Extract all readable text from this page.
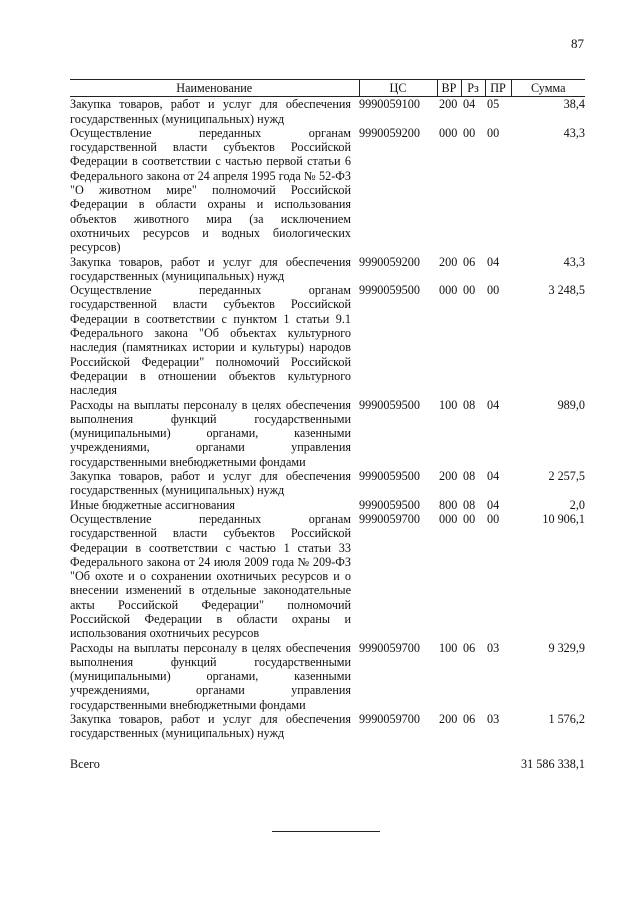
87
Наименование	ЦС	ВР	Рз	ПР	Сумма
Закупка товаров, работ и услуг для обеспечения государственных (муниципальных) нужд	9990059100	200	04	05	38,4
Осуществление переданных органам государственной власти субъектов Российской Федерации в соответствии с частью первой статьи 6 Федерального закона от 24 апреля 1995 года № 52-ФЗ "О животном мире" полномочий Российской Федерации в области охраны и использования объектов животного мира (за исключением охотничьих ресурсов и водных биологических ресурсов)	9990059200	000	00	00	43,3
Закупка товаров, работ и услуг для обеспечения государственных (муниципальных) нужд	9990059200	200	06	04	43,3
Осуществление переданных органам государственной власти субъектов Российской Федерации в соответствии с пунктом 1 статьи 9.1 Федерального закона "Об объектах культурного наследия (памятниках истории и культуры) народов Российской Федерации" полномочий Российской Федерации в отношении объектов культурного наследия	9990059500	000	00	00	3 248,5
Расходы на выплаты персоналу в целях обеспечения выполнения функций государственными (муниципальными) органами, казенными учреждениями, органами управления государственными внебюджетными фондами	9990059500	100	08	04	989,0
Закупка товаров, работ и услуг для обеспечения государственных (муниципальных) нужд	9990059500	200	08	04	2 257,5
Иные бюджетные ассигнования	9990059500	800	08	04	2,0
Осуществление переданных органам государственной власти субъектов Российской Федерации в соответствии с частью 1 статьи 33 Федерального закона от 24 июля 2009 года № 209-ФЗ "Об охоте и о сохранении охотничьих ресурсов и о внесении изменений в отдельные законодательные акты Российской Федерации" полномочий Российской Федерации в области охраны и использования охотничьих ресурсов	9990059700	000	00	00	10 906,1
Расходы на выплаты персоналу в целях обеспечения выполнения функций государственными (муниципальными) органами, казенными учреждениями, органами управления государственными внебюджетными фондами	9990059700	100	06	03	9 329,9
Закупка товаров, работ и услуг для обеспечения государственных (муниципальных) нужд	9990059700	200	06	03	1 576,2
Всего					31 586 338,1
